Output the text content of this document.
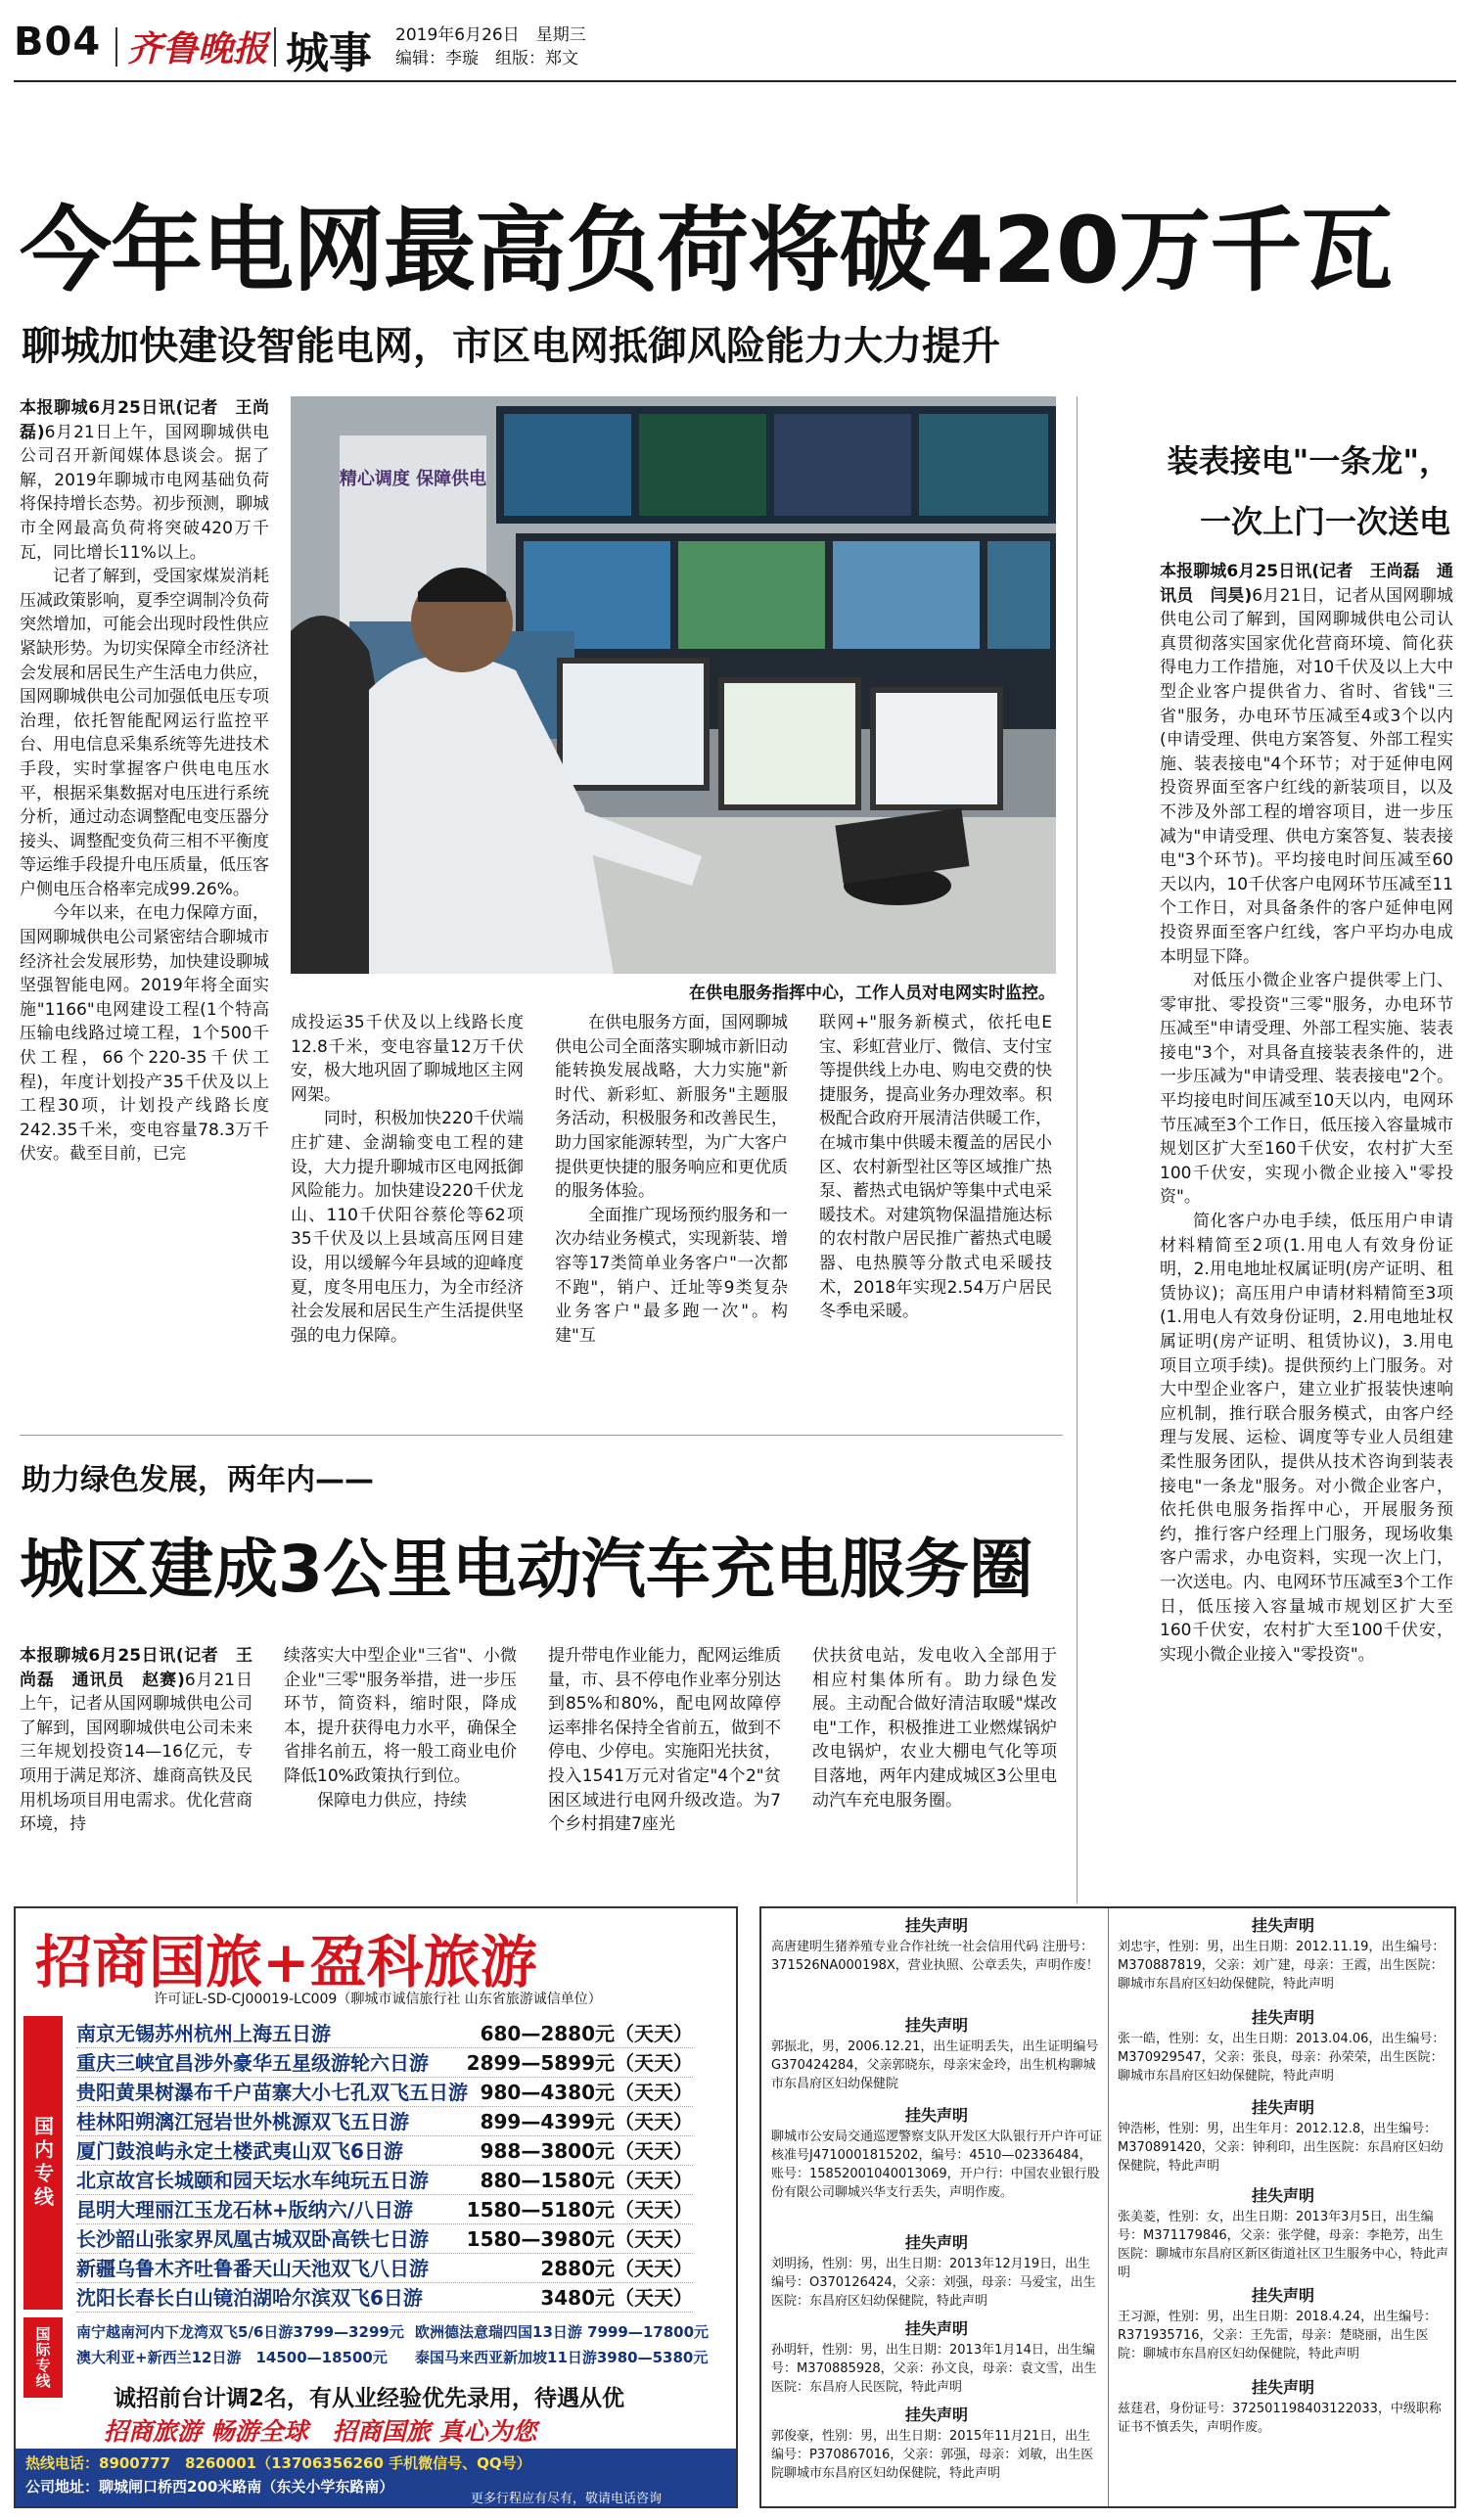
B04 齐鲁晚报 城事 2019年6月26日　星期三
编辑：李璇　组版：郑文
今年电网最高负荷将破420万千瓦
聊城加快建设智能电网，市区电网抵御风险能力大力提升

本报聊城6月25日讯(记者　王尚磊)6月21日上午，国网聊城供电公司召开新闻媒体恳谈会。据了解，2019年聊城市电网基础负荷将保持增长态势。初步预测，聊城市全网最高负荷将突破420万千瓦，同比增长11%以上。

记者了解到，受国家煤炭消耗压减政策影响，夏季空调制冷负荷突然增加，可能会出现时段性供应紧缺形势。为切实保障全市经济社会发展和居民生产生活电力供应，国网聊城供电公司加强低电压专项治理，依托智能配网运行监控平台、用电信息采集系统等先进技术手段，实时掌握客户供电电压水平，根据采集数据对电压进行系统分析，通过动态调整配电变压器分接头、调整配变负荷三相不平衡度等运维手段提升电压质量，低压客户侧电压合格率完成99.26%。

今年以来，在电力保障方面，国网聊城供电公司紧密结合聊城市经济社会发展形势，加快建设聊城坚强智能电网。2019年将全面实施"1166"电网建设工程(1个特高压输电线路过境工程，1个500千伏工程，66个220-35千伏工程)，年度计划投产35千伏及以上工程30项，计划投产线路长度242.35千米，变电容量78.3万千伏安。截至目前，已完

精心调度 保障供电
在供电服务指挥中心，工作人员对电网实时监控。

成投运35千伏及以上线路长度12.8千米，变电容量12万千伏安，极大地巩固了聊城地区主网网架。

同时，积极加快220千伏端庄扩建、金湖输变电工程的建设，大力提升聊城市区电网抵御风险能力。加快建设220千伏龙山、110千伏阳谷蔡伦等62项35千伏及以上县域高压网目建设，用以缓解今年县域的迎峰度夏，度冬用电压力，为全市经济社会发展和居民生产生活提供坚强的电力保障。

在供电服务方面，国网聊城供电公司全面落实聊城市新旧动能转换发展战略，大力实施"新时代、新彩虹、新服务"主题服务活动，积极服务和改善民生，助力国家能源转型，为广大客户提供更快捷的服务响应和更优质的服务体验。

全面推广现场预约服务和一次办结业务模式，实现新装、增容等17类简单业务客户"一次都不跑"，销户、迁址等9类复杂业务客户"最多跑一次"。构建"互

联网+"服务新模式，依托电E宝、彩虹营业厅、微信、支付宝等提供线上办电、购电交费的快捷服务，提高业务办理效率。积极配合政府开展清洁供暖工作，在城市集中供暖未覆盖的居民小区、农村新型社区等区域推广热泵、蓄热式电锅炉等集中式电采暖技术。对建筑物保温措施达标的农村散户居民推广蓄热式电暖器、电热膜等分散式电采暖技术，2018年实现2.54万户居民冬季电采暖。

装表接电"一条龙"，
一次上门一次送电

本报聊城6月25日讯(记者　王尚磊　通讯员　闫昊)6月21日，记者从国网聊城供电公司了解到，国网聊城供电公司认真贯彻落实国家优化营商环境、简化获得电力工作措施，对10千伏及以上大中型企业客户提供省力、省时、省钱"三省"服务，办电环节压减至4或3个以内(申请受理、供电方案答复、外部工程实施、装表接电"4个环节；对于延伸电网投资界面至客户红线的新装项目，以及不涉及外部工程的增容项目，进一步压减为"申请受理、供电方案答复、装表接电"3个环节)。平均接电时间压减至60天以内，10千伏客户电网环节压减至11个工作日，对具备条件的客户延伸电网投资界面至客户红线，客户平均办电成本明显下降。

对低压小微企业客户提供零上门、零审批、零投资"三零"服务，办电环节压减至"申请受理、外部工程实施、装表接电"3个，对具备直接装表条件的，进一步压减为"申请受理、装表接电"2个。平均接电时间压减至10天以内，电网环节压减至3个工作日，低压接入容量城市规划区扩大至160千伏安，农村扩大至100千伏安，实现小微企业接入"零投资"。

简化客户办电手续，低压用户申请材料精简至2项(1.用电人有效身份证明，2.用电地址权属证明(房产证明、租赁协议)；高压用户申请材料精简至3项(1.用电人有效身份证明，2.用电地址权属证明(房产证明、租赁协议)，3.用电项目立项手续)。提供预约上门服务。对大中型企业客户，建立业扩报装快速响应机制，推行联合服务模式，由客户经理与发展、运检、调度等专业人员组建柔性服务团队，提供从技术咨询到装表接电"一条龙"服务。对小微企业客户，依托供电服务指挥中心，开展服务预约，推行客户经理上门服务，现场收集客户需求，办电资料，实现一次上门，一次送电。内、电网环节压减至3个工作日，低压接入容量城市规划区扩大至160千伏安，农村扩大至100千伏安，实现小微企业接入"零投资"。

助力绿色发展，两年内——
城区建成3公里电动汽车充电服务圈

本报聊城6月25日讯(记者　王尚磊　通讯员　赵赛)6月21日上午，记者从国网聊城供电公司了解到，国网聊城供电公司未来三年规划投资14—16亿元，专项用于满足郑济、雄商高铁及民用机场项目用电需求。优化营商环境，持

续落实大中型企业"三省"、小微企业"三零"服务举措，进一步压环节，简资料，缩时限，降成本，提升获得电力水平，确保全省排名前五，将一般工商业电价降低10%政策执行到位。

保障电力供应，持续

提升带电作业能力，配网运维质量，市、县不停电作业率分别达到85%和80%，配电网故障停运率排名保持全省前五，做到不停电、少停电。实施阳光扶贫，投入1541万元对省定"4个2"贫困区域进行电网升级改造。为7个乡村捐建7座光

伏扶贫电站，发电收入全部用于相应村集体所有。助力绿色发展。主动配合做好清洁取暖"煤改电"工作，积极推进工业燃煤锅炉改电锅炉，农业大棚电气化等项目落地，两年内建成城区3公里电动汽车充电服务圈。

招商国旅+盈科旅游
许可证L-SD-CJ00019-LC009（聊城市诚信旅行社 山东省旅游诚信单位）
国内专线
南京无锡苏州杭州上海五日游	680—2880元（天天）
重庆三峡宜昌涉外豪华五星级游轮六日游 2899—5899元（天天）
贵阳黄果树瀑布千户苗寨大小七孔双飞五日游 980—4380元（天天）
桂林阳朔漓江冠岩世外桃源双飞五日游	899—4399元（天天）
厦门鼓浪屿永定土楼武夷山双飞6日游	988—3800元（天天）
北京故宫长城颐和园天坛水车纯玩五日游	880—1580元（天天）
昆明大理丽江玉龙石林+版纳六/八日游	1580—5180元（天天）
长沙韶山张家界凤凰古城双卧高铁七日游 1580—3980元（天天）
新疆乌鲁木齐吐鲁番天山天池双飞八日游	2880元（天天）
沈阳长春长白山镜泊湖哈尔滨双飞6日游	3480元（天天）
国际专线	南宁越南河内下龙湾双飞5/6日游3799—3299元 欧洲德法意瑞四国13日游 7999—17800元
澳大利亚+新西兰12日游　14500—18500元 泰国马来西亚新加坡11日游3980—5380元
诚招前台计调2名，有从业经验优先录用，待遇从优
招商旅游 畅游全球　招商国旅 真心为您
热线电话：8900777　8260001（13706356260 手机微信号、QQ号）
公司地址：聊城闸口桥西200米路南（东关小学东路南）
更多行程应有尽有，敬请电话咨询
挂失声明
高唐建明生猪养殖专业合作社统一社会信用代码 注册号：371526NA000198X，营业执照、公章丢失，声明作废！
挂失声明
郭振北，男，2006.12.21，出生证明丢失，出生证明编号G370424284，父亲郭晓东，母亲宋金玲，出生机构聊城市东昌府区妇幼保健院
挂失声明
聊城市公安局交通巡逻警察支队开发区大队银行开户许可证核准号J4710001815202，编号：4510—02336484，账号：15852001040013069，开户行：中国农业银行股份有限公司聊城兴华支行丢失，声明作废。
挂失声明
刘明扬，性别：男，出生日期：2013年12月19日，出生编号：O370126424，父亲：刘强，母亲：马爱宝，出生医院：东昌府区妇幼保健院，特此声明
挂失声明
孙明轩，性别：男，出生日期：2013年1月14日，出生编号：M370885928，父亲：孙文良，母亲：袁文雪，出生医院：东昌府人民医院，特此声明
挂失声明
郭俊豪，性别：男，出生日期：2015年11月21日，出生编号：P370867016，父亲：郭强，母亲：刘敏，出生医院聊城市东昌府区妇幼保健院，特此声明
挂失声明
刘忠宇，性别：男，出生日期：2012.11.19，出生编号：M370887819，父亲：刘广建，母亲：王霞，出生医院：聊城市东昌府区妇幼保健院，特此声明
挂失声明
张一皓，性别：女，出生日期：2013.04.06，出生编号：M370929547，父亲：张良，母亲：孙荣荣，出生医院：聊城市东昌府区妇幼保健院，特此声明
挂失声明
钟浩彬，性别：男，出生年月：2012.12.8，出生编号：M370891420，父亲：钟利印，出生医院：东昌府区妇幼保健院，特此声明
挂失声明
张美菱，性别：女，出生日期：2013年3月5日，出生编号：M371179846，父亲：张学健，母亲：李艳芳，出生医院：聊城市东昌府区新区街道社区卫生服务中心，特此声明
挂失声明
王习源，性别：男，出生日期：2018.4.24，出生编号：R371935716，父亲：王先雷，母亲：楚晓丽，出生医院：聊城市东昌府区妇幼保健院，特此声明
挂失声明
兹莛君，身份证号：372501198403122033，中级职称证书不慎丢失，声明作废。
